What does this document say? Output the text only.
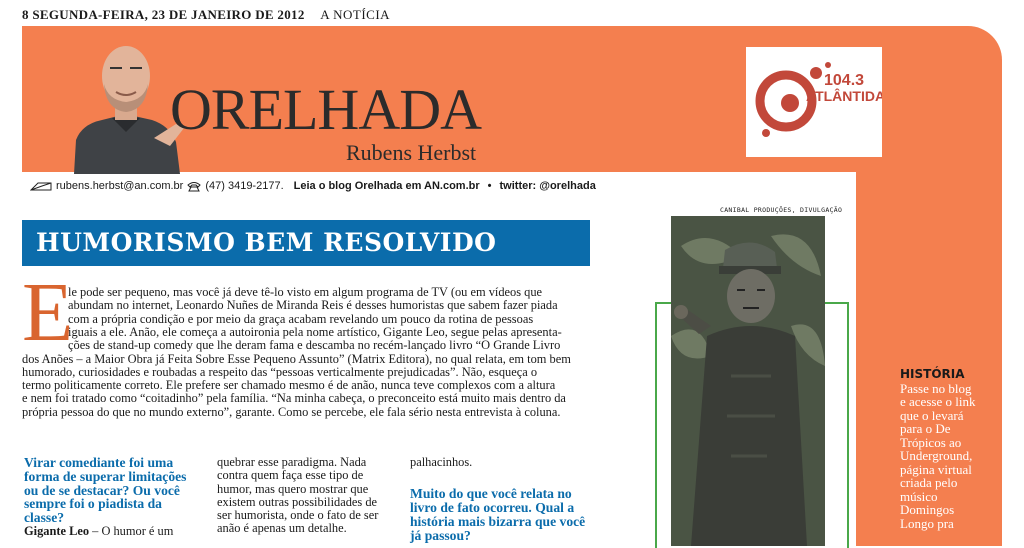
8 SEGUNDA-FEIRA, 23 DE JANEIRO DE 2012 A NOTÍCIA
ORELHADA
Rubens Herbst
104.3
ATLÂNTIDA
rubens.herbst@an.com.br (47) 3419-2177. Leia o blog Orelhada em AN.com.br • twitter: @orelhada
HUMORISMO BEM RESOLVIDO
E
le pode ser pequeno, mas você já deve tê-lo visto em algum programa de TV (ou em vídeos que
abundam no internet, Leonardo Nuñes de Miranda Reis é desses humoristas que sabem fazer piada
com a própria condição e por meio da graça acabam revelando um pouco da rotina de pessoas
iguais a ele. Anão, ele começa a autoironia pela nome artístico, Gigante Leo, segue pelas apresenta-
ções de stand-up comedy que lhe deram fama e descamba no recém-lançado livro “O Grande Livro
dos Anões – a Maior Obra já Feita Sobre Esse Pequeno Assunto” (Matrix Editora), no qual relata, em tom bem
humorado, curiosidades e roubadas a respeito das “pessoas verticalmente prejudicadas”. Não, esqueça o
termo politicamente correto. Ele prefere ser chamado mesmo é de anão, nunca teve complexos com a altura
e nem foi tratado como “coitadinho” pela família. “Na minha cabeça, o preconceito está muito mais dentro da
própria pessoa do que no mundo externo”, garante. Como se percebe, ele fala sério nesta entrevista à coluna.
Virar comediante foi uma forma de superar limitações ou de se destacar? Ou você sempre foi o piadista da classe?
Gigante Leo – O humor é um
quebrar esse paradigma. Nada contra quem faça esse tipo de humor, mas quero mostrar que existem outras possibilidades de ser humorista, onde o fato de ser anão é apenas um detalhe.
palhacinhos.
Muito do que você relata no livro de fato ocorreu. Qual a história mais bizarra que você já passou?
CANIBAL PRODUÇÕES, DIVULGAÇÃO
HISTÓRIA
Passe no blog e acesse o link que o levará para o De Trópicos ao Underground, página virtual criada pelo músico Domingos Longo pra
